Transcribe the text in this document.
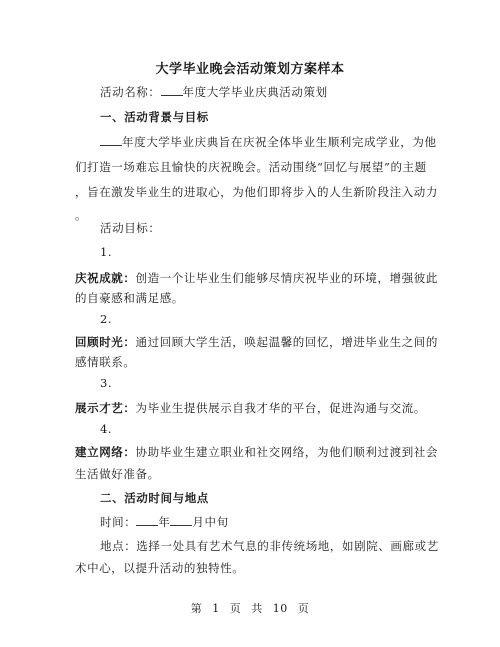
大学毕业晚会活动策划方案样本
活动名称： 年度大学毕业庆典活动策划
一、活动背景与目标
年度大学毕业庆典旨在庆祝全体毕业生顺利完成学业，为他
们打造一场难忘且愉快的庆祝晚会。活动围绕“回忆与展望”的主题
，旨在激发毕业生的进取心，为他们即将步入的人生新阶段注入动力
。
活动目标：
1.
庆祝成就：创造一个让毕业生们能够尽情庆祝毕业的环境，增强彼此
的自豪感和满足感。
2.
回顾时光：通过回顾大学生活，唤起温馨的回忆，增进毕业生之间的
感情联系。
3.
展示才艺：为毕业生提供展示自我才华的平台，促进沟通与交流。
4.
建立网络：协助毕业生建立职业和社交网络，为他们顺利过渡到社会
生活做好准备。
二、活动时间与地点
时间： 年 月中旬
地点：选择一处具有艺术气息的非传统场地，如剧院、画廊或艺
术中心，以提升活动的独特性。
第 1 页 共 10 页
